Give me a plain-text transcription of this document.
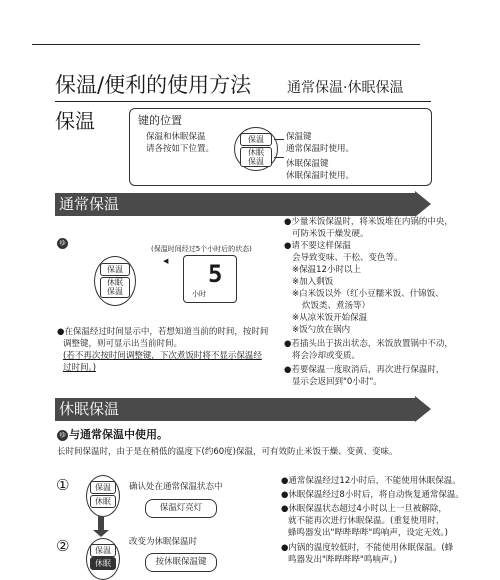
保温/便利的使用方法	通常保温·休眠保温
保温	键的位置
保温和休眠保温
请各按如下位置。
保温
休眠
保温
保温键
通常保温时使用。
休眠保温键
休眠保温时使用。
通常保温
ゆ
(保温时间经过5个小时后的状态)
保温
休眠
保温
5
小时
◀
●在保温经过时间显示中，若想知道当前的时间，按时间
调整键，则可显示出当前时间。
(若不再次按时间调整键，下次煮饭时将不显示保温经
过时间。)
●少量米饭保温时，将米饭堆在内锅的中央，
可防米饭干燥发硬。
●请不要这样保温
会导致变味、干松、变色等。
※保温12小时以上
※加入剩饭
※白米饭以外（红小豆糯米饭、什锦饭、
炊饭类、煮汤等）
※从凉米饭开始保温
※饭勺放在锅内
●若插头出于拔出状态，米饭放置锅中不动，
将会冷却或变质。
●若要保温一度取消后，再次进行保温时，
显示会返回到"0小时"。
休眠保温
ゆ 与通常保温中使用。
长时间保温时，由于是在稍低的温度下(约60度)保温，可有效防止米饭干燥、变黄、变味。
①	保温
休眠
确认处在通常保温状态中
保温灯亮灯
②	保温
休眠
改变为休眠保温时
按休眠保温键
●通常保温经过12小时后，不能使用休眠保温。
●休眠保温经过8小时后，将自动恢复通常保温。
●休眠保温状态超过4小时以上一旦被解除，
就不能再次进行休眠保温。(重复使用时，
蜂鸣器发出"哔哔哔哔"鸣响声，设定无效。)
●内锅的温度较低时，不能使用休眠保温。(蜂
鸣器发出"哔哔哔哔"鸣响声。)
